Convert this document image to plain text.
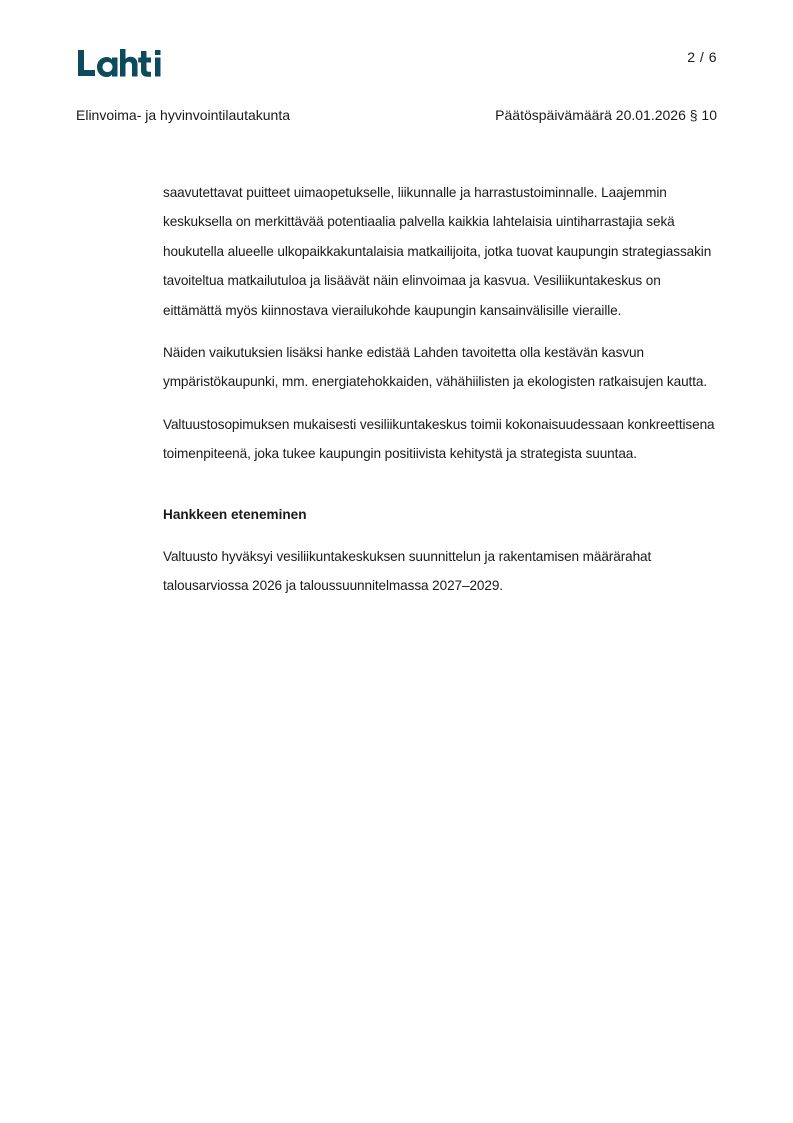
2 / 6
Elinvoima- ja hyvinvointilautakunta	Päätöspäivämäärä 20.01.2026 § 10

saavutettavat puitteet uimaopetukselle, liikunnalle ja harrastustoiminnalle. Laajemmin keskuksella on merkittävää potentiaalia palvella kaikkia lahtelaisia uintiharrastajia sekä houkutella alueelle ulkopaikkakuntalaisia matkailijoita, jotka tuovat kaupungin strategiassakin tavoiteltua matkailutuloa ja lisäävät näin elinvoimaa ja kasvua. Vesiliikuntakeskus on eittämättä myös kiinnostava vierailukohde kaupungin kansainvälisille vieraille.

Näiden vaikutuksien lisäksi hanke edistää Lahden tavoitetta olla kestävän kasvun ympäristökaupunki, mm. energiatehokkaiden, vähähiilisten ja ekologisten ratkaisujen kautta.

Valtuustosopimuksen mukaisesti vesiliikuntakeskus toimii kokonaisuudessaan konkreettisena toimenpiteenä, joka tukee kaupungin positiivista kehitystä ja strategista suuntaa.

Hankkeen eteneminen

Valtuusto hyväksyi vesiliikuntakeskuksen suunnittelun ja rakentamisen määrärahat talousarviossa 2026 ja taloussuunnitelmassa 2027–2029.
